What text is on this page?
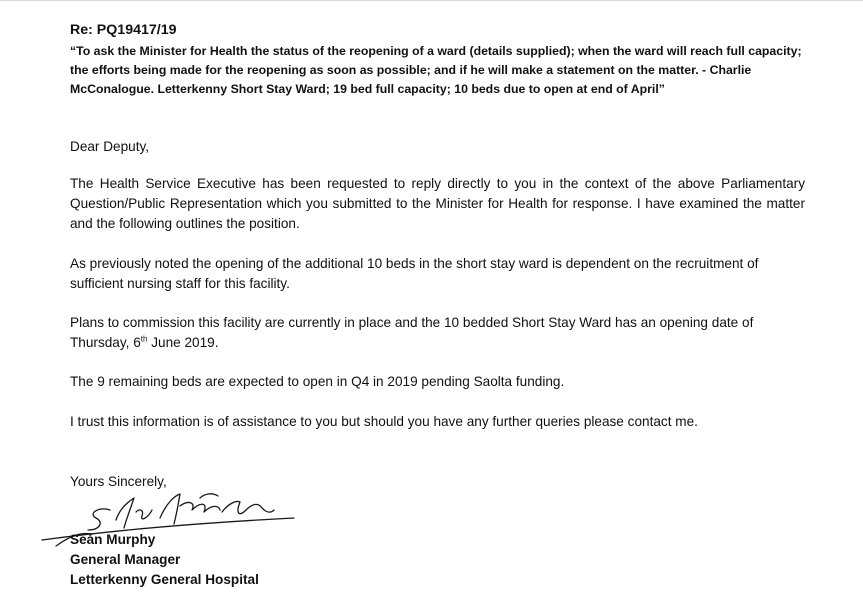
Re: PQ19417/19

“To ask the Minister for Health the status of the reopening of a ward (details supplied); when the ward will reach full capacity; the efforts being made for the reopening as soon as possible; and if he will make a statement on the matter. - Charlie McConalogue. Letterkenny Short Stay Ward; 19 bed full capacity; 10 beds due to open at end of April”

Dear Deputy,

The Health Service Executive has been requested to reply directly to you in the context of the above Parliamentary Question/Public Representation which you submitted to the Minister for Health for response. I have examined the matter and the following outlines the position.

As previously noted the opening of the additional 10 beds in the short stay ward is dependent on the recruitment of sufficient nursing staff for this facility.

Plans to commission this facility are currently in place and the 10 bedded Short Stay Ward has an opening date of Thursday, 6th June 2019.

The 9 remaining beds are expected to open in Q4 in 2019 pending Saolta funding.

I trust this information is of assistance to you but should you have any further queries please contact me.

Yours Sincerely,

Seán Murphy
General Manager
Letterkenny General Hospital
